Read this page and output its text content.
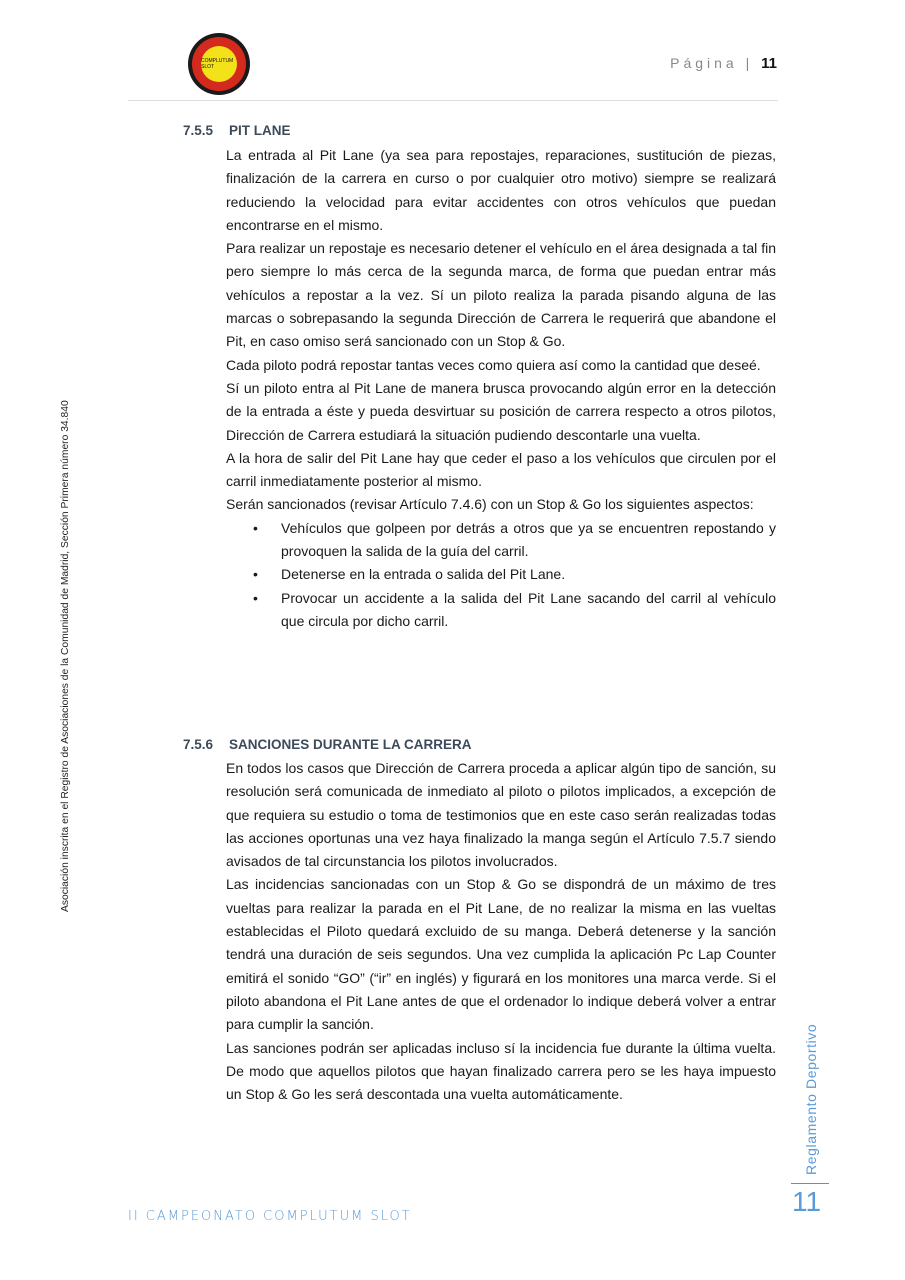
COMPLUTUM SLOT	Página | 11
Asociación inscrita en el Registro de Asociaciones de la Comunidad de Madrid, Sección Primera número 34.840
7.5.5 PIT LANE

La entrada al Pit Lane (ya sea para repostajes, reparaciones, sustitución de piezas, finalización de la carrera en curso o por cualquier otro motivo) siempre se realizará reduciendo la velocidad para evitar accidentes con otros vehículos que puedan encontrarse en el mismo.

Para realizar un repostaje es necesario detener el vehículo en el área designada a tal fin pero siempre lo más cerca de la segunda marca, de forma que puedan entrar más vehículos a repostar a la vez. Sí un piloto realiza la parada pisando alguna de las marcas o sobrepasando la segunda Dirección de Carrera le requerirá que abandone el Pit, en caso omiso será sancionado con un Stop & Go.

Cada piloto podrá repostar tantas veces como quiera así como la cantidad que deseé.

Sí un piloto entra al Pit Lane de manera brusca provocando algún error en la detección de la entrada a éste y pueda desvirtuar su posición de carrera respecto a otros pilotos, Dirección de Carrera estudiará la situación pudiendo descontarle una vuelta.

A la hora de salir del Pit Lane hay que ceder el paso a los vehículos que circulen por el carril inmediatamente posterior al mismo.

Serán sancionados (revisar Artículo 7.4.6) con un Stop & Go los siguientes aspectos:

• Vehículos que golpeen por detrás a otros que ya se encuentren repostando y provoquen la salida de la guía del carril.
• Detenerse en la entrada o salida del Pit Lane.
• Provocar un accidente a la salida del Pit Lane sacando del carril al vehículo que circula por dicho carril.
7.5.6 SANCIONES DURANTE LA CARRERA

En todos los casos que Dirección de Carrera proceda a aplicar algún tipo de sanción, su resolución será comunicada de inmediato al piloto o pilotos implicados, a excepción de que requiera su estudio o toma de testimonios que en este caso serán realizadas todas las acciones oportunas una vez haya finalizado la manga según el Artículo 7.5.7 siendo avisados de tal circunstancia los pilotos involucrados.

Las incidencias sancionadas con un Stop & Go se dispondrá de un máximo de tres vueltas para realizar la parada en el Pit Lane, de no realizar la misma en las vueltas establecidas el Piloto quedará excluido de su manga. Deberá detenerse y la sanción tendrá una duración de seis segundos. Una vez cumplida la aplicación Pc Lap Counter emitirá el sonido “GO” (“ir” en inglés) y figurará en los monitores una marca verde. Si el piloto abandona el Pit Lane antes de que el ordenador lo indique deberá volver a entrar para cumplir la sanción.

Las sanciones podrán ser aplicadas incluso sí la incidencia fue durante la última vuelta. De modo que aquellos pilotos que hayan finalizado carrera pero se les haya impuesto un Stop & Go les será descontada una vuelta automáticamente.	Reglamento Deportivo
11
II CAMPEONATO COMPLUTUM SLOT
